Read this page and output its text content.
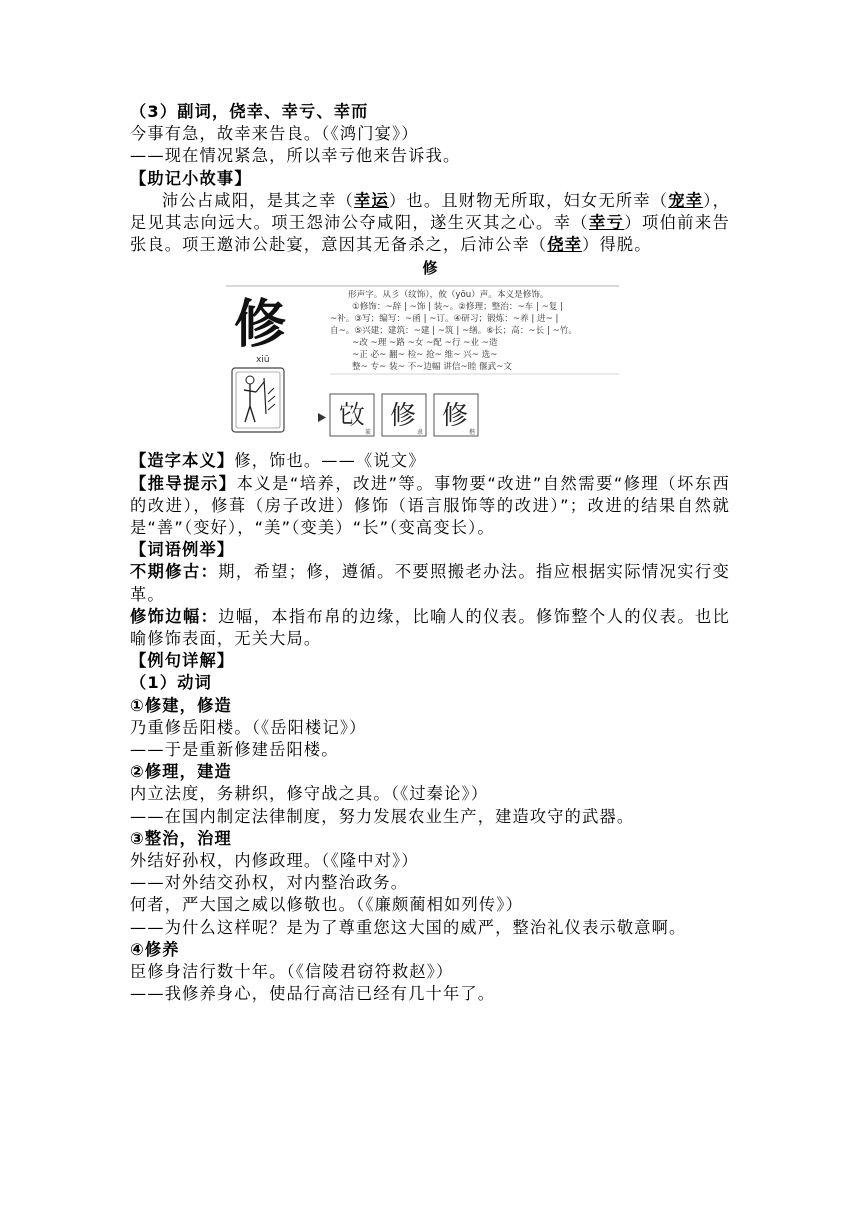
（3）副词，侥幸、幸亏、幸而
今事有急，故幸来告良。（《鸿门宴》）
——现在情况紧急，所以幸亏他来告诉我。
【助记小故事】
沛公占咸阳，是其之幸（幸运）也。且财物无所取，妇女无所幸（宠幸），足见其志向远大。项王怨沛公夺咸阳，遂生灭其之心。幸（幸亏）项伯前来告张良。项王邀沛公赴宴，意因其无备杀之，后沛公幸（侥幸）得脱。
修
修
xiū
形声字。从彡（纹饰），攸（yōu）声。本义是修饰。
①修饰：~辞 | ~饰 | 装~。②修理；整治：~车 | ~复 |
~补。③写；编写：~函 | ~订。④研习；锻炼：~养 | 进~ |
自~。⑤兴建；建筑：~建 | ~筑 | ~缮。⑥长；高：~长 | ~竹。
~改 ~理 ~路 ~女 ~配 ~行 ~业 ~造
~正 必~ 翻~ 检~ 抢~ 维~ 兴~ 选~
整~ 专~ 装~ 不~边幅 讲信~睦 偃武~文
𢼊
篆
修
隶
修
楷
【造字本义】修，饰也。——《说文》
【推导提示】本义是“培养，改进”等。事物要“改进”自然需要“修理（坏东西的改进），修葺（房子改进）修饰（语言服饰等的改进）”；改进的结果自然就是“善”（变好），“美”（变美）“长”（变高变长）。
【词语例举】
不期修古：期，希望；修，遵循。不要照搬老办法。指应根据实际情况实行变革。
修饰边幅：边幅，本指布帛的边缘，比喻人的仪表。修饰整个人的仪表。也比喻修饰表面，无关大局。
【例句详解】
（1）动词
①修建，修造
乃重修岳阳楼。（《岳阳楼记》）
——于是重新修建岳阳楼。
②修理，建造
内立法度，务耕织，修守战之具。（《过秦论》）
——在国内制定法律制度，努力发展农业生产，建造攻守的武器。
③整治，治理
外结好孙权，内修政理。（《隆中对》）
——对外结交孙权，对内整治政务。
何者，严大国之威以修敬也。（《廉颇蔺相如列传》）
——为什么这样呢？是为了尊重您这大国的威严，整治礼仪表示敬意啊。
④修养
臣修身洁行数十年。（《信陵君窃符救赵》）
——我修养身心，使品行高洁已经有几十年了。
